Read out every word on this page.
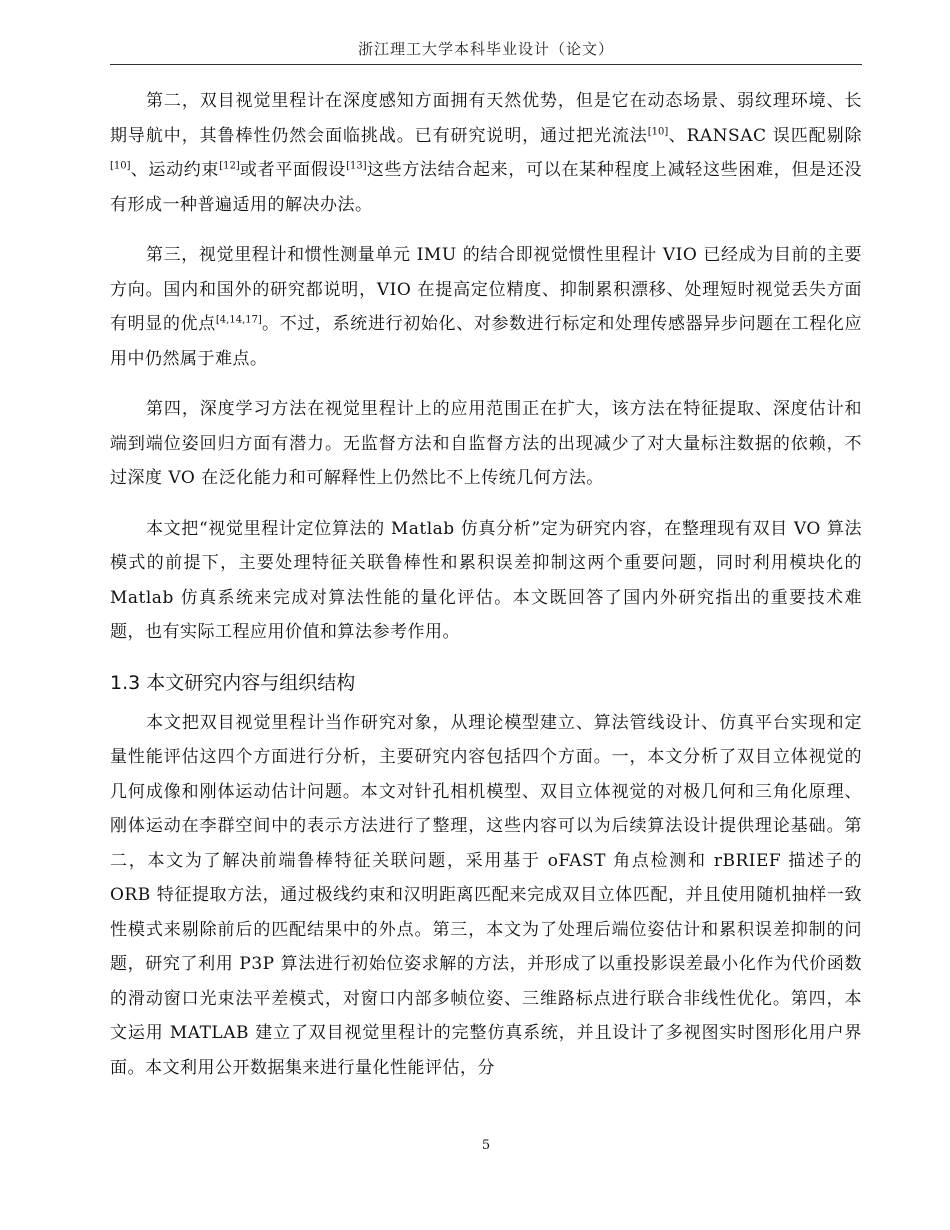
浙江理工大学本科毕业设计（论文）

第二，双目视觉里程计在深度感知方面拥有天然优势，但是它在动态场景、弱纹理环境、长期导航中，其鲁棒性仍然会面临挑战。已有研究说明，通过把光流法[10]、RANSAC 误匹配剔除[10]、运动约束[12]或者平面假设[13]这些方法结合起来，可以在某种程度上减轻这些困难，但是还没有形成一种普遍适用的解决办法。

第三，视觉里程计和惯性测量单元 IMU 的结合即视觉惯性里程计 VIO 已经成为目前的主要方向。国内和国外的研究都说明，VIO 在提高定位精度、抑制累积漂移、处理短时视觉丢失方面有明显的优点[4,14,17]。不过，系统进行初始化、对参数进行标定和处理传感器异步问题在工程化应用中仍然属于难点。

第四，深度学习方法在视觉里程计上的应用范围正在扩大，该方法在特征提取、深度估计和端到端位姿回归方面有潜力。无监督方法和自监督方法的出现减少了对大量标注数据的依赖，不过深度 VO 在泛化能力和可解释性上仍然比不上传统几何方法。

本文把“视觉里程计定位算法的 Matlab 仿真分析”定为研究内容，在整理现有双目 VO 算法模式的前提下，主要处理特征关联鲁棒性和累积误差抑制这两个重要问题，同时利用模块化的 Matlab 仿真系统来完成对算法性能的量化评估。本文既回答了国内外研究指出的重要技术难题，也有实际工程应用价值和算法参考作用。

1.3 本文研究内容与组织结构

本文把双目视觉里程计当作研究对象，从理论模型建立、算法管线设计、仿真平台实现和定量性能评估这四个方面进行分析，主要研究内容包括四个方面。一，本文分析了双目立体视觉的几何成像和刚体运动估计问题。本文对针孔相机模型、双目立体视觉的对极几何和三角化原理、刚体运动在李群空间中的表示方法进行了整理，这些内容可以为后续算法设计提供理论基础。第二，本文为了解决前端鲁棒特征关联问题，采用基于 oFAST 角点检测和 rBRIEF 描述子的 ORB 特征提取方法，通过极线约束和汉明距离匹配来完成双目立体匹配，并且使用随机抽样一致性模式来剔除前后的匹配结果中的外点。第三，本文为了处理后端位姿估计和累积误差抑制的问题，研究了利用 P3P 算法进行初始位姿求解的方法，并形成了以重投影误差最小化作为代价函数的滑动窗口光束法平差模式，对窗口内部多帧位姿、三维路标点进行联合非线性优化。第四，本文运用 MATLAB 建立了双目视觉里程计的完整仿真系统，并且设计了多视图实时图形化用户界面。本文利用公开数据集来进行量化性能评估，分

5
